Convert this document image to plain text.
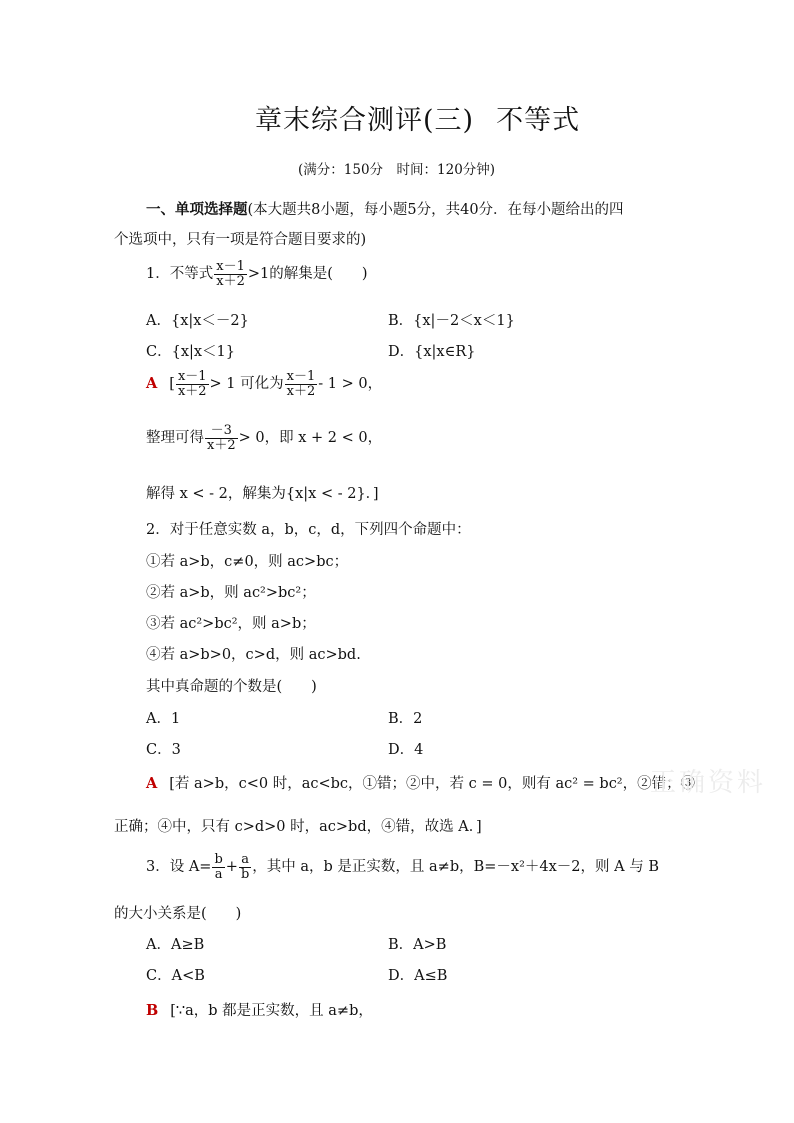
章末综合测评(三) 不等式
(满分：150分　时间：120分钟)
一、单项选择题(本大题共8小题，每小题5分，共40分．在每小题给出的四
个选项中，只有一项是符合题目要求的)
1．不等式 $\frac{x-1}{x+2} >1$的解集是(　　)
A．{x|x＜－2}	B．{x|－2＜x＜1}
C．{x|x＜1}	D．{x|x∈R}
A [ $\frac{x-1}{x+2} > 1$ 可化为 $\frac{x-1}{x+2} - 1 > 0$，
整理可得 $\frac{-3}{x+2} > 0$，即 x + 2 < 0，
解得 x < - 2，解集为{x|x < - 2}．]
2．对于任意实数 a，b，c，d，下列四个命题中：
①若 a>b，c≠0，则 ac>bc；
②若 a>b，则 ac²>bc²；
③若 ac²>bc²，则 a>b；
④若 a>b>0，c>d，则 ac>bd.
其中真命题的个数是(　　)
A．1	B．2
C．3	D．4
A [若 a>b，c<0 时，ac<bc，①错；②中，若 c = 0，则有 ac² = bc²，②错；③
正确；④中，只有 c>d>0 时，ac>bd，④错，故选 A．]
正确资料
3．设 $A= \frac{b}{a} + \frac{a}{b}$ ，其中 a，b 是正实数，且 a≠b，B=－x²＋4x－2，则 A 与 B
的大小关系是(　　)
A．A≥B	B．A>B
C．A<B	D．A≤B
B [∵a，b 都是正实数，且 a≠b，
